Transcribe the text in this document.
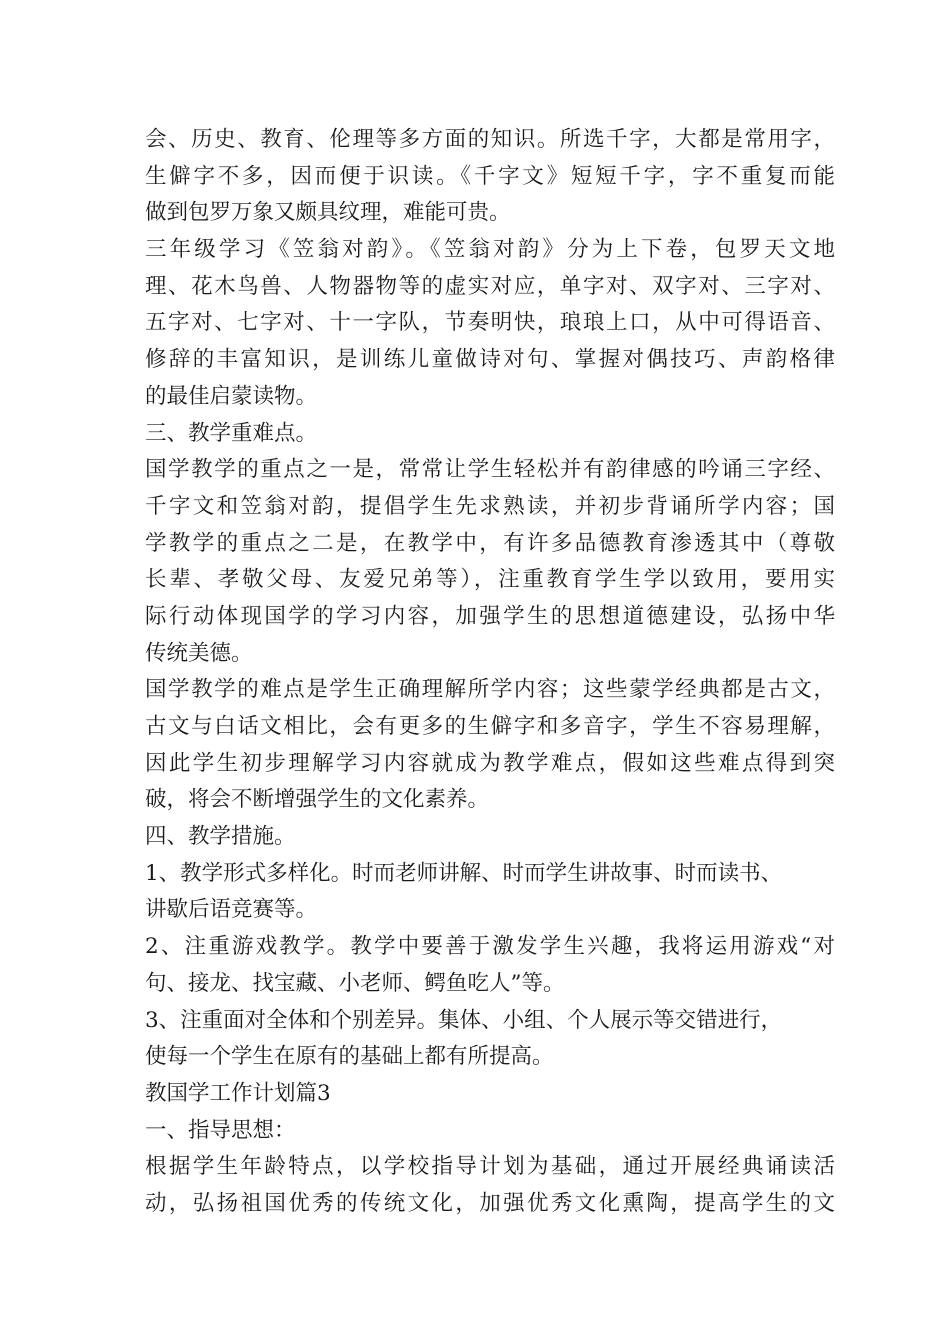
会、历史、教育、伦理等多方面的知识。所选千字，大都是常用字，
生僻字不多，因而便于识读。《千字文》短短千字，字不重复而能
做到包罗万象又颇具纹理，难能可贵。
三年级学习《笠翁对韵》。《笠翁对韵》分为上下卷，包罗天文地
理、花木鸟兽、人物器物等的虚实对应，单字对、双字对、三字对、
五字对、七字对、十一字队，节奏明快，琅琅上口，从中可得语音、
修辞的丰富知识，是训练儿童做诗对句、掌握对偶技巧、声韵格律
的最佳启蒙读物。
三、教学重难点。
国学教学的重点之一是，常常让学生轻松并有韵律感的吟诵三字经、
千字文和笠翁对韵，提倡学生先求熟读，并初步背诵所学内容；国
学教学的重点之二是，在教学中，有许多品德教育渗透其中（尊敬
长辈、孝敬父母、友爱兄弟等），注重教育学生学以致用，要用实
际行动体现国学的学习内容，加强学生的思想道德建设，弘扬中华
传统美德。
国学教学的难点是学生正确理解所学内容；这些蒙学经典都是古文，
古文与白话文相比，会有更多的生僻字和多音字，学生不容易理解，
因此学生初步理解学习内容就成为教学难点，假如这些难点得到突
破，将会不断增强学生的文化素养。
四、教学措施。
1、教学形式多样化。时而老师讲解、时而学生讲故事、时而读书、
讲歇后语竞赛等。
2、注重游戏教学。教学中要善于激发学生兴趣，我将运用游戏“对
句、接龙、找宝藏、小老师、鳄鱼吃人”等。
3、注重面对全体和个别差异。集体、小组、个人展示等交错进行，
使每一个学生在原有的基础上都有所提高。
教国学工作计划篇3
一、指导思想：
根据学生年龄特点，以学校指导计划为基础，通过开展经典诵读活
动，弘扬祖国优秀的传统文化，加强优秀文化熏陶，提高学生的文
